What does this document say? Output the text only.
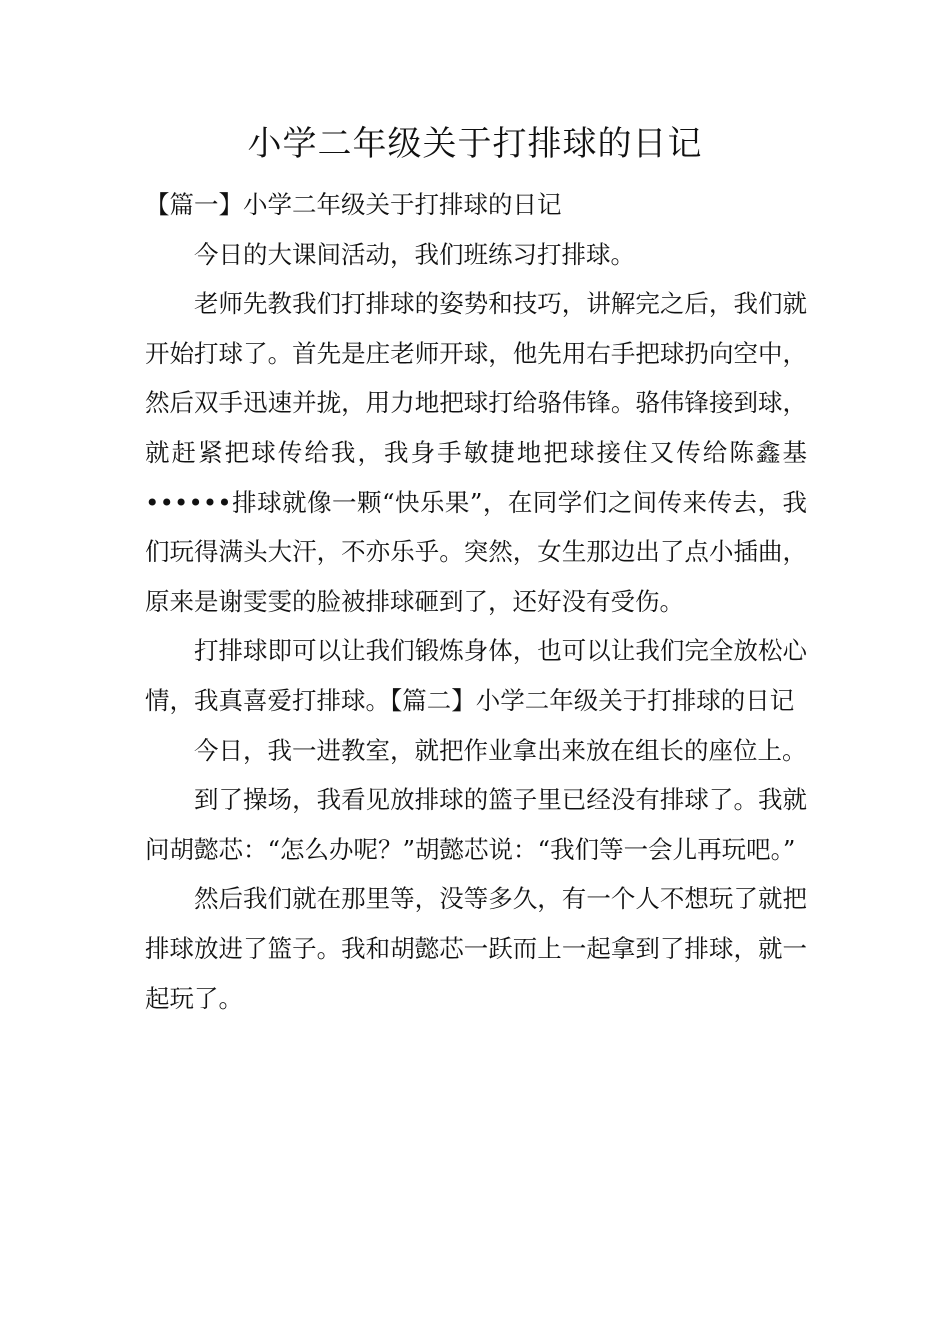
小学二年级关于打排球的日记

【篇一】小学二年级关于打排球的日记

今日的大课间活动，我们班练习打排球。

老师先教我们打排球的姿势和技巧，讲解完之后，我们就开始打球了。首先是庄老师开球，他先用右手把球扔向空中，然后双手迅速并拢，用力地把球打给骆伟锋。骆伟锋接到球，就赶紧把球传给我，我身手敏捷地把球接住又传给陈鑫基••••••排球就像一颗“快乐果”，在同学们之间传来传去，我们玩得满头大汗，不亦乐乎。突然，女生那边出了点小插曲，原来是谢雯雯的脸被排球砸到了，还好没有受伤。

打排球即可以让我们锻炼身体，也可以让我们完全放松心情，我真喜爱打排球。【篇二】小学二年级关于打排球的日记

今日，我一进教室，就把作业拿出来放在组长的座位上。

到了操场，我看见放排球的篮子里已经没有排球了。我就问胡懿芯：“怎么办呢？”胡懿芯说：“我们等一会儿再玩吧。”

然后我们就在那里等，没等多久，有一个人不想玩了就把排球放进了篮子。我和胡懿芯一跃而上一起拿到了排球，就一起玩了。
